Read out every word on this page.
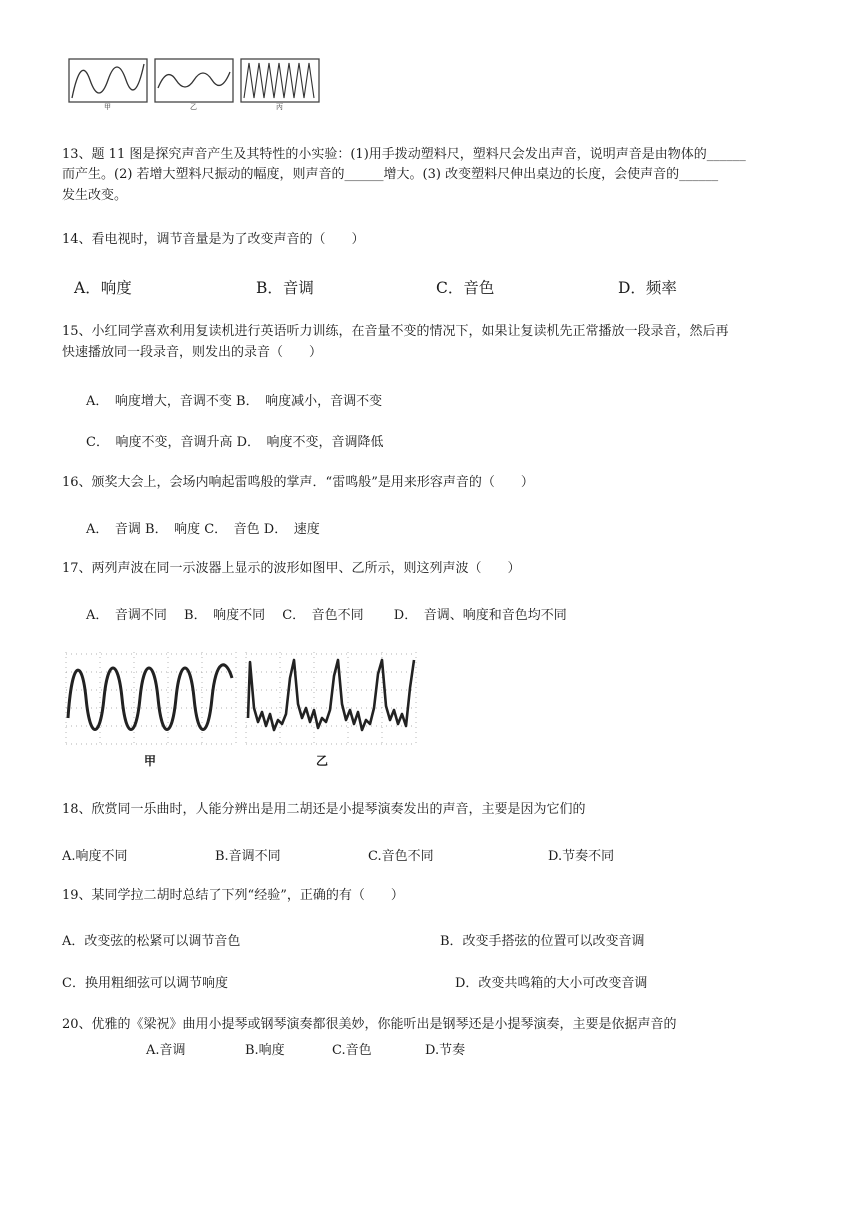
甲	乙	丙
13、题 11 图是探究声音产生及其特性的小实验：(1)用手拨动塑料尺，塑料尺会发出声音，说明声音是由物体的______
而产生。(2) 若增大塑料尺振动的幅度，则声音的______增大。(3) 改变塑料尺伸出桌边的长度，会使声音的______
发生改变。
14、看电视时，调节音量是为了改变声音的（　　）
A．响度	B．音调	C．音色	D．频率
15、小红同学喜欢利用复读机进行英语听力训练，在音量不变的情况下，如果让复读机先正常播放一段录音，然后再
快速播放同一段录音，则发出的录音（　　）
A．　响度增大，音调不变 B．　响度减小，音调不变
C．　响度不变，音调升高 D．　响度不变，音调降低
16、颁奖大会上，会场内响起雷鸣般的掌声．“雷鸣般”是用来形容声音的（　　）
A．　音调 B．　响度 C．　音色 D．　速度
17、两列声波在同一示波器上显示的波形如图甲、乙所示，则这列声波（　　）
A．　音调不同　 B．　响度不同　 C．　音色不同　　 D．　音调、响度和音色均不同
甲	乙
18、欣赏同一乐曲时，人能分辨出是用二胡还是小提琴演奏发出的声音，主要是因为它们的
A.响度不同	B.音调不同	C.音色不同	D.节奏不同
19、某同学拉二胡时总结了下列“经验”，正确的有（　　）
A．改变弦的松紧可以调节音色	B．改变手搭弦的位置可以改变音调
C．换用粗细弦可以调节响度	D．改变共鸣箱的大小可改变音调
20、优雅的《梁祝》曲用小提琴或钢琴演奏都很美妙，你能听出是钢琴还是小提琴演奏，主要是依据声音的
A.音调	B.响度	C.音色	D.节奏
